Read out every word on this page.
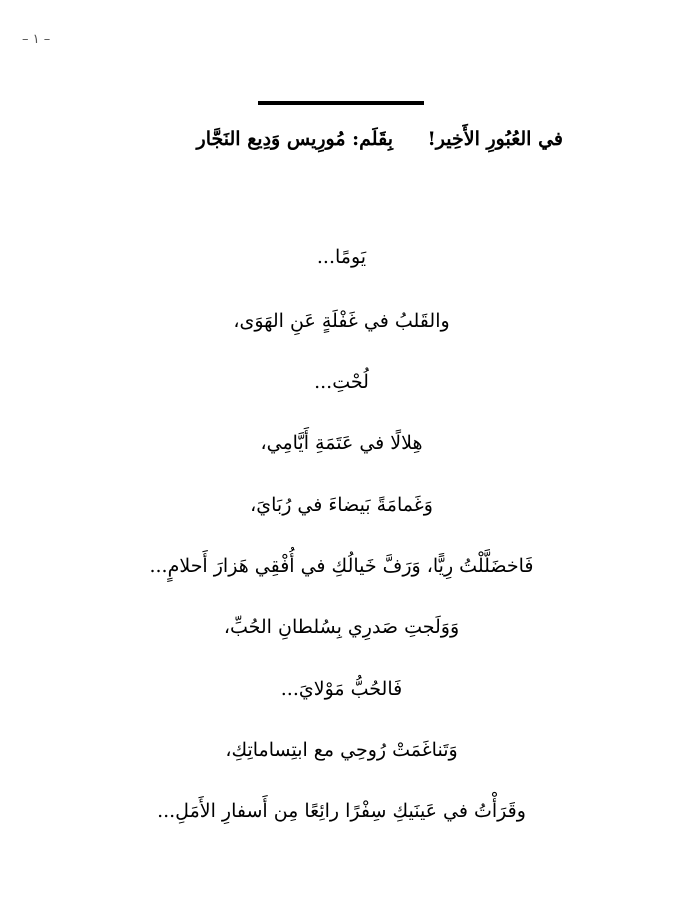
– ١ –
في العُبُورِ الأَخِير!
بِقَلَم: مُورِيس وَدِيع النَجَّار
يَومًا...
والقَلبُ في غَفْلَةٍ عَنِ الهَوَى،
لُحْتِ...
هِلالًا في عَتَمَةِ أَيَّامِي،
وَغَمامَةً بَيضاءَ في رُبَايَ،
فَاخضَلَّلْتُ رِيًّا، وَرَفَّ خَيالُكِ في أُفْقِي هَزارَ أَحلامٍ...
وَوَلَجتِ صَدرِي بِسُلطانِ الحُبِّ،
فَالحُبُّ مَوْلايَ...
وَتَناغَمَتْ رُوحِي مع ابتِساماتِكِ،
وقَرَأْتُ في عَينَيكِ سِفْرًا رائِعًا مِن أَسفارِ الأَمَلِ...
